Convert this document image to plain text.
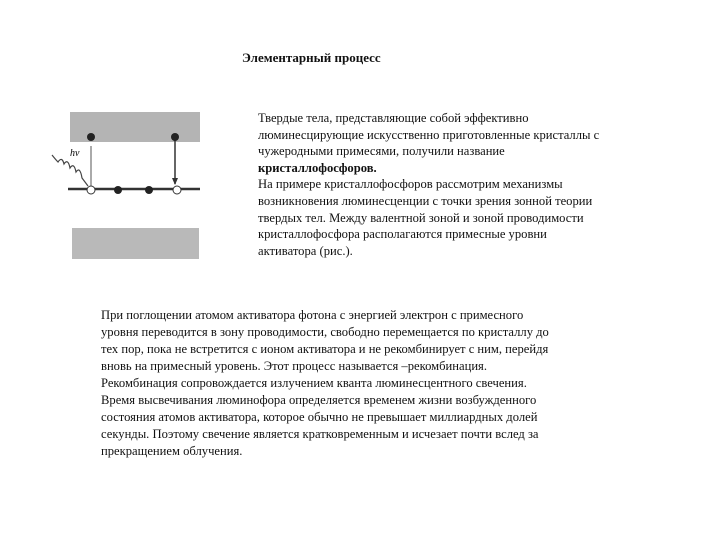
Элементарный процесс
hν
Твердые тела, представляющие собой эффективно
люминесцирующие искусственно приготовленные кристаллы с
чужеродными примесями, получили название
кристаллофосфоров.
На примере кристаллофосфоров рассмотрим механизмы
возникновения люминесценции с точки зрения зонной теории
твердых тел. Между валентной зоной и зоной проводимости
кристаллофосфора располагаются примесные уровни
активатора (рис.).
При поглощении атомом активатора фотона с энергией электрон с примесного
уровня переводится в зону проводимости, свободно перемещается по кристаллу до
тех пор, пока не встретится с ионом активатора и не рекомбинирует с ним, перейдя
вновь на примесный уровень. Этот процесс называется –рекомбинация.
Рекомбинация сопровождается излучением кванта люминесцентного свечения.
Время высвечивания люминофора определяется временем жизни возбужденного
состояния атомов активатора, которое обычно не превышает миллиардных долей
секунды. Поэтому свечение является кратковременным и исчезает почти вслед за
прекращением облучения.
